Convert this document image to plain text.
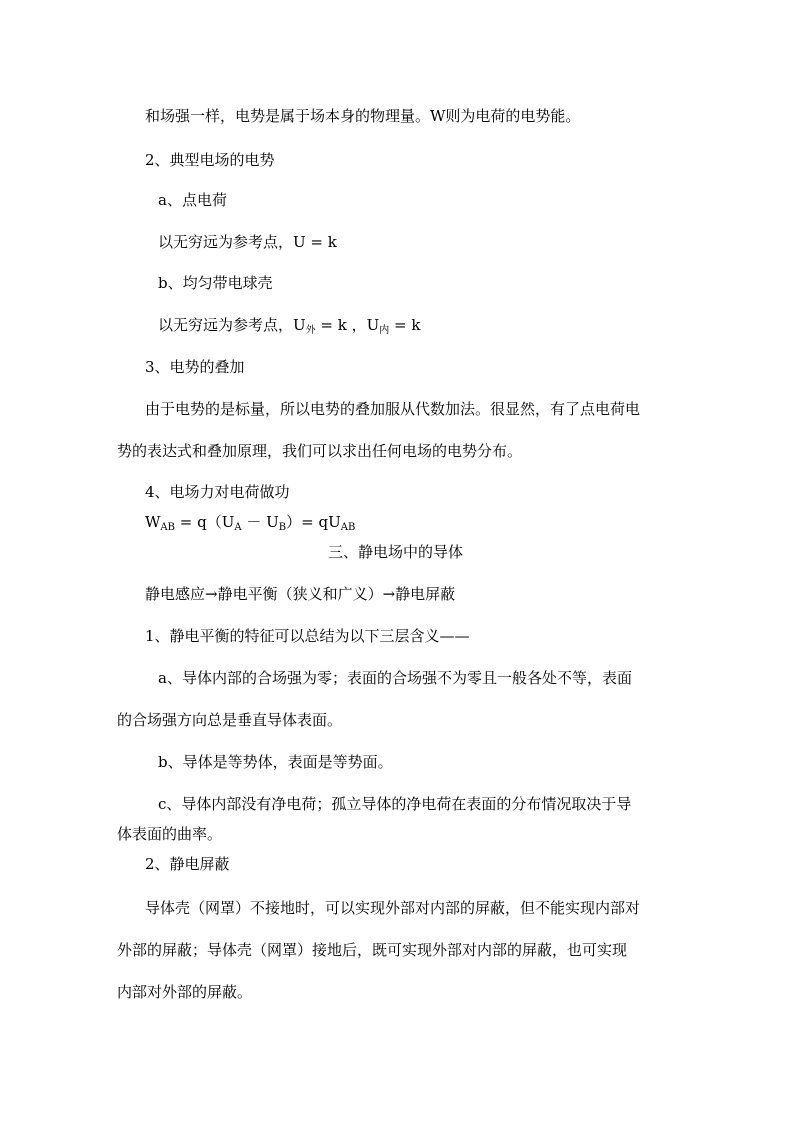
和场强一样，电势是属于场本身的物理量。W则为电荷的电势能。

2、典型电场的电势

a、点电荷

以无穷远为参考点，U = k

b、均匀带电球壳

以无穷远为参考点，$U_外 = k$ ，$U_内 = k$

3、电势的叠加

由于电势的是标量，所以电势的叠加服从代数加法。很显然，有了点电荷电

势的表达式和叠加原理，我们可以求出任何电场的电势分布。

4、电场力对电荷做功

$W_{AB} = q(U_A - U_B)= qU_{AB}$

三、静电场中的导体

静电感应→静电平衡（狭义和广义）→静电屏蔽

1、静电平衡的特征可以总结为以下三层含义——

a、导体内部的合场强为零；表面的合场强不为零且一般各处不等，表面

的合场强方向总是垂直导体表面。

b、导体是等势体，表面是等势面。

c、导体内部没有净电荷；孤立导体的净电荷在表面的分布情况取决于导

体表面的曲率。

2、静电屏蔽

导体壳（网罩）不接地时，可以实现外部对内部的屏蔽，但不能实现内部对

外部的屏蔽；导体壳（网罩）接地后，既可实现外部对内部的屏蔽，也可实现

内部对外部的屏蔽。
